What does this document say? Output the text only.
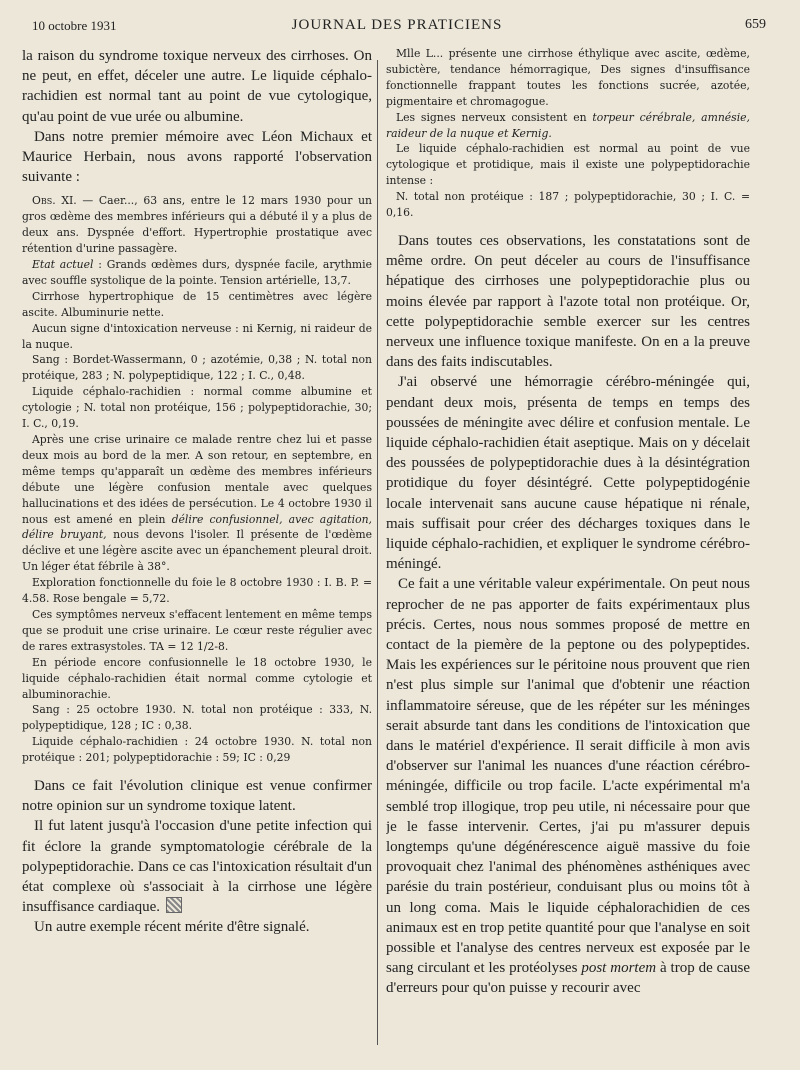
10 octobre 1931	JOURNAL DES PRATICIENS	659

la raison du syndrome toxique nerveux des cirrhoses. On ne peut, en effet, déceler une autre. Le liquide céphalo-rachidien est normal tant au point de vue cytologique, qu'au point de vue urée ou albumine.

Dans notre premier mémoire avec Léon Michaux et Maurice Herbain, nous avons rapporté l'observation suivante :

Obs. XI. — Caer..., 63 ans, entre le 12 mars 1930 pour un gros œdème des membres inférieurs qui a débuté il y a plus de deux ans. Dyspnée d'effort. Hypertrophie prostatique avec rétention d'urine passagère.

Etat actuel : Grands œdèmes durs, dyspnée facile, arythmie avec souffle systolique de la pointe. Tension artérielle, 13,7.

Cirrhose hypertrophique de 15 centimètres avec légère ascite. Albuminurie nette.

Aucun signe d'intoxication nerveuse : ni Kernig, ni raideur de la nuque.

Sang : Bordet-Wassermann, 0 ; azotémie, 0,38 ; N. total non protéique, 283 ; N. polypeptidique, 122 ; I. C., 0,48.

Liquide céphalo-rachidien : normal comme albumine et cytologie ; N. total non protéique, 156 ; polypeptidorachie, 30; I. C., 0,19.

Après une crise urinaire ce malade rentre chez lui et passe deux mois au bord de la mer. A son retour, en septembre, en même temps qu'apparaît un œdème des membres inférieurs débute une légère confusion mentale avec quelques hallucinations et des idées de persécution. Le 4 octobre 1930 il nous est amené en plein délire confusionnel, avec agitation, délire bruyant, nous devons l'isoler. Il présente de l'œdème déclive et une légère ascite avec un épanchement pleural droit. Un léger état fébrile à 38°.

Exploration fonctionnelle du foie le 8 octobre 1930 : I. B. P. = 4.58. Rose bengale = 5,72.

Ces symptômes nerveux s'effacent lentement en même temps que se produit une crise urinaire. Le cœur reste régulier avec de rares extrasystoles. TA = 12 1/2-8.

En période encore confusionnelle le 18 octobre 1930, le liquide céphalo-rachidien était normal comme cytologie et albuminorachie.

Sang : 25 octobre 1930. N. total non protéique : 333, N. polypeptidique, 128 ; IC : 0,38.

Liquide céphalo-rachidien : 24 octobre 1930. N. total non protéique : 201; polypeptidorachie : 59; IC : 0,29

Dans ce fait l'évolution clinique est venue confirmer notre opinion sur un syndrome toxique latent.

Il fut latent jusqu'à l'occasion d'une petite infection qui fit éclore la grande symptomatologie cérébrale de la polypeptidorachie. Dans ce cas l'intoxication résultait d'un état complexe où s'associait à la cirrhose une légère insuffisance cardiaque.

Un autre exemple récent mérite d'être signalé.

Mlle L... présente une cirrhose éthylique avec ascite, œdème, subictère, tendance hémorragique, Des signes d'insuffisance fonctionnelle frappant toutes les fonctions sucrée, azotée, pigmentaire et chromagogue.

Les signes nerveux consistent en torpeur cérébrale, amnésie, raideur de la nuque et Kernig.

Le liquide céphalo-rachidien est normal au point de vue cytologique et protidique, mais il existe une polypeptidorachie intense :

N. total non protéique : 187 ; polypeptidorachie, 30 ; I. C. = 0,16.

Dans toutes ces observations, les constatations sont de même ordre. On peut déceler au cours de l'insuffisance hépatique des cirrhoses une polypeptidorachie plus ou moins élevée par rapport à l'azote total non protéique. Or, cette polypeptidorachie semble exercer sur les centres nerveux une influence toxique manifeste. On en a la preuve dans des faits indiscutables.

J'ai observé une hémorragie cérébro-méningée qui, pendant deux mois, présenta de temps en temps des poussées de méningite avec délire et confusion mentale. Le liquide céphalo-rachidien était aseptique. Mais on y décelait des poussées de polypeptidorachie dues à la désintégration protidique du foyer désintégré. Cette polypeptidogénie locale intervenait sans aucune cause hépatique ni rénale, mais suffisait pour créer des décharges toxiques dans le liquide céphalo-rachidien, et expliquer le syndrome cérébro-méningé.

Ce fait a une véritable valeur expérimentale. On peut nous reprocher de ne pas apporter de faits expérimentaux plus précis. Certes, nous nous sommes proposé de mettre en contact de la piemère de la peptone ou des polypeptides. Mais les expériences sur le péritoine nous prouvent que rien n'est plus simple sur l'animal que d'obtenir une réaction inflammatoire séreuse, que de les répéter sur les méninges serait absurde tant dans les conditions de l'intoxication que dans le matériel d'expérience. Il serait difficile à mon avis d'observer sur l'animal les nuances d'une réaction cérébro-méningée, difficile ou trop facile. L'acte expérimental m'a semblé trop illogique, trop peu utile, ni nécessaire pour que je le fasse intervenir. Certes, j'ai pu m'assurer depuis longtemps qu'une dégénérescence aiguë massive du foie provoquait chez l'animal des phénomènes asthéniques avec parésie du train postérieur, conduisant plus ou moins tôt à un long coma. Mais le liquide céphalorachidien de ces animaux est en trop petite quantité pour que l'analyse en soit possible et l'analyse des centres nerveux est exposée par le sang circulant et les protéolyses post mortem à trop de cause d'erreurs pour qu'on puisse y recourir avec
